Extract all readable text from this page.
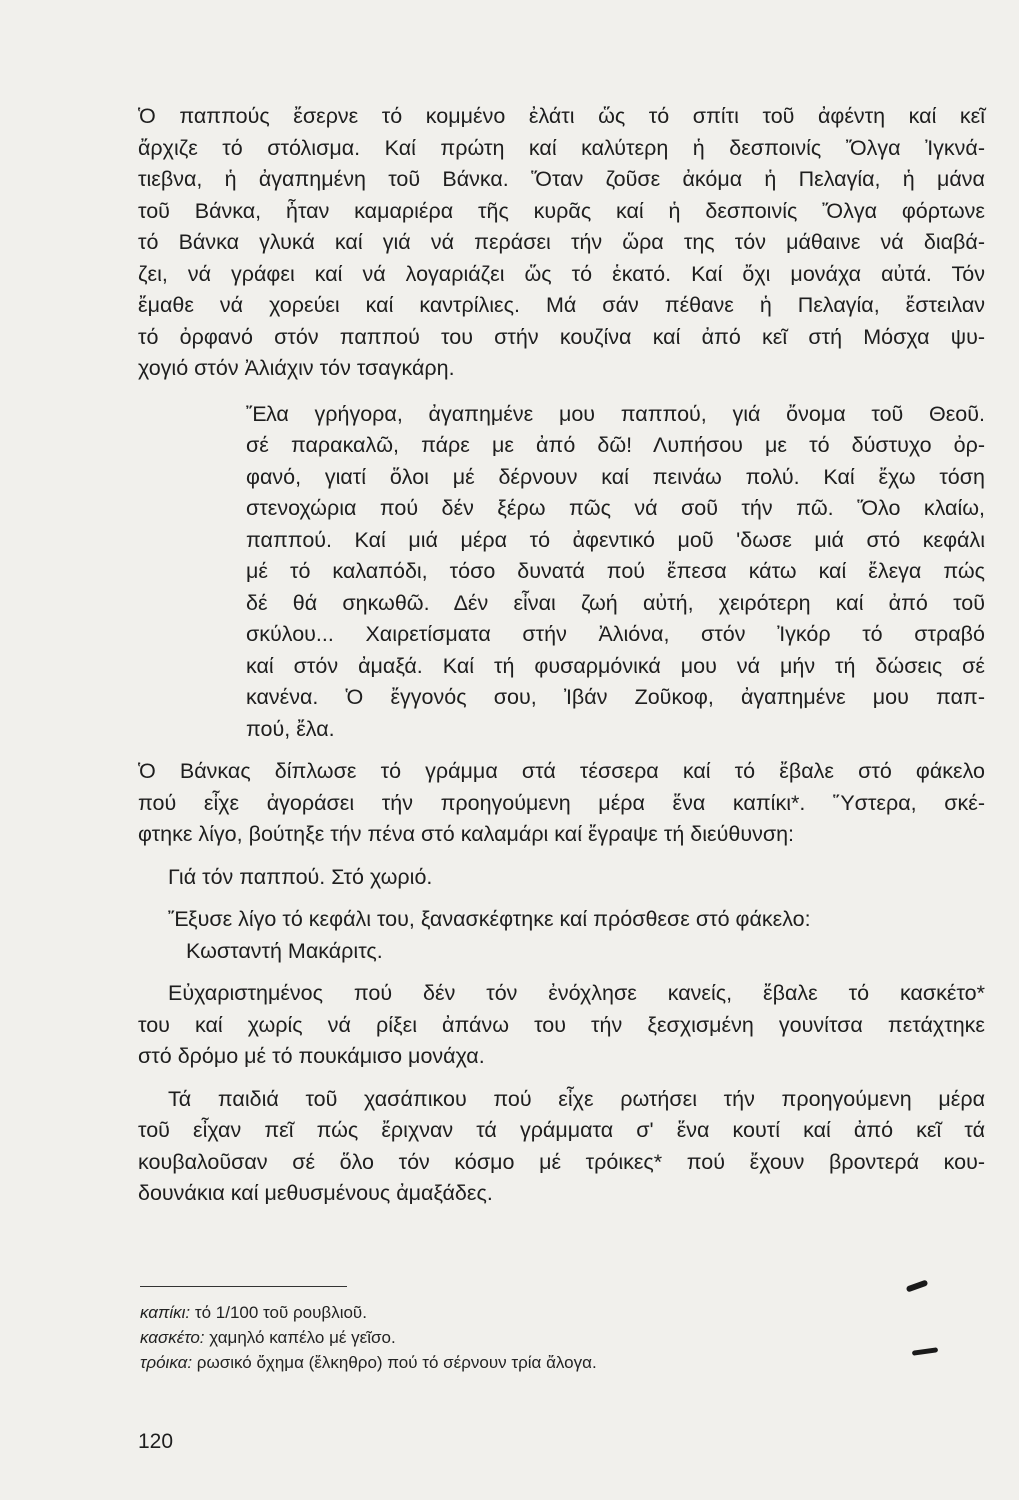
Ὁ παππούς ἔσερνε τό κομμένο ἐλάτι ὥς τό σπίτι τοῦ ἀφέντη καί κεῖ
ἄρχιζε τό στόλισμα. Καί πρώτη καί καλύτερη ἡ δεσποινίς Ὄλγα Ἰγκνά-
τιεβνα, ἡ ἀγαπημένη τοῦ Βάνκα. Ὅταν ζοῦσε ἀκόμα ἡ Πελαγία, ἡ μάνα
τοῦ Βάνκα, ἦταν καμαριέρα τῆς κυρᾶς καί ἡ δεσποινίς Ὄλγα φόρτωνε
τό Βάνκα γλυκά καί γιά νά περάσει τήν ὥρα της τόν μάθαινε νά διαβά-
ζει, νά γράφει καί νά λογαριάζει ὥς τό ἑκατό. Καί ὄχι μονάχα αὐτά. Τόν
ἔμαθε νά χορεύει καί καντρίλιες. Μά σάν πέθανε ἡ Πελαγία, ἔστειλαν
τό ὀρφανό στόν παππού του στήν κουζίνα καί ἀπό κεῖ στή Μόσχα ψυ-
χογιό στόν Ἀλιάχιν τόν τσαγκάρη.
Ἔλα γρήγορα, ἀγαπημένε μου παππού, γιά ὄνομα τοῦ Θεοῦ.
σέ παρακαλῶ, πάρε με ἀπό δῶ! Λυπήσου με τό δύστυχο ὀρ-
φανό, γιατί ὅλοι μέ δέρνουν καί πεινάω πολύ. Καί ἔχω τόση
στενοχώρια πού δέν ξέρω πῶς νά σοῦ τήν πῶ. Ὅλο κλαίω,
παππού. Καί μιά μέρα τό ἀφεντικό μοῦ 'δωσε μιά στό κεφάλι
μέ τό καλαπόδι, τόσο δυνατά πού ἔπεσα κάτω καί ἔλεγα πώς
δέ θά σηκωθῶ. Δέν εἶναι ζωή αὐτή, χειρότερη καί ἀπό τοῦ
σκύλου... Χαιρετίσματα στήν Ἀλιόνα, στόν Ἰγκόρ τό στραβό
καί στόν ἀμαξά. Καί τή φυσαρμόνικά μου νά μήν τή δώσεις σέ
κανένα. Ὁ ἔγγονός σου, Ἰβάν Ζοῦκοφ, ἀγαπημένε μου παπ-
πού, ἔλα.
Ὁ Βάνκας δίπλωσε τό γράμμα στά τέσσερα καί τό ἔβαλε στό φάκελο
πού εἶχε ἀγοράσει τήν προηγούμενη μέρα ἕνα καπίκι*. Ὕστερα, σκέ-
φτηκε λίγο, βούτηξε τήν πένα στό καλαμάρι καί ἔγραψε τή διεύθυνση:
Γιά τόν παππού. Στό χωριό.
Ἔξυσε λίγο τό κεφάλι του, ξανασκέφτηκε καί πρόσθεσε στό φάκελο:
Κωσταντή Μακάριτς.
Εὐχαριστημένος πού δέν τόν ἐνόχλησε κανείς, ἔβαλε τό κασκέτο*
του καί χωρίς νά ρίξει ἀπάνω του τήν ξεσχισμένη γουνίτσα πετάχτηκε
στό δρόμο μέ τό πουκάμισο μονάχα.
Τά παιδιά τοῦ χασάπικου πού εἶχε ρωτήσει τήν προηγούμενη μέρα
τοῦ εἶχαν πεῖ πώς ἔριχναν τά γράμματα σ' ἕνα κουτί καί ἀπό κεῖ τά
κουβαλοῦσαν σέ ὅλο τόν κόσμο μέ τρόικες* πού ἔχουν βροντερά κου-
δουνάκια καί μεθυσμένους ἀμαξάδες.
καπίκι: τό 1/100 τοῦ ρουβλιοῦ.
κασκέτο: χαμηλό καπέλο μέ γεῖσο.
τρόικα: ρωσικό ὄχημα (ἔλκηθρο) πού τό σέρνουν τρία ἄλογα.
120
